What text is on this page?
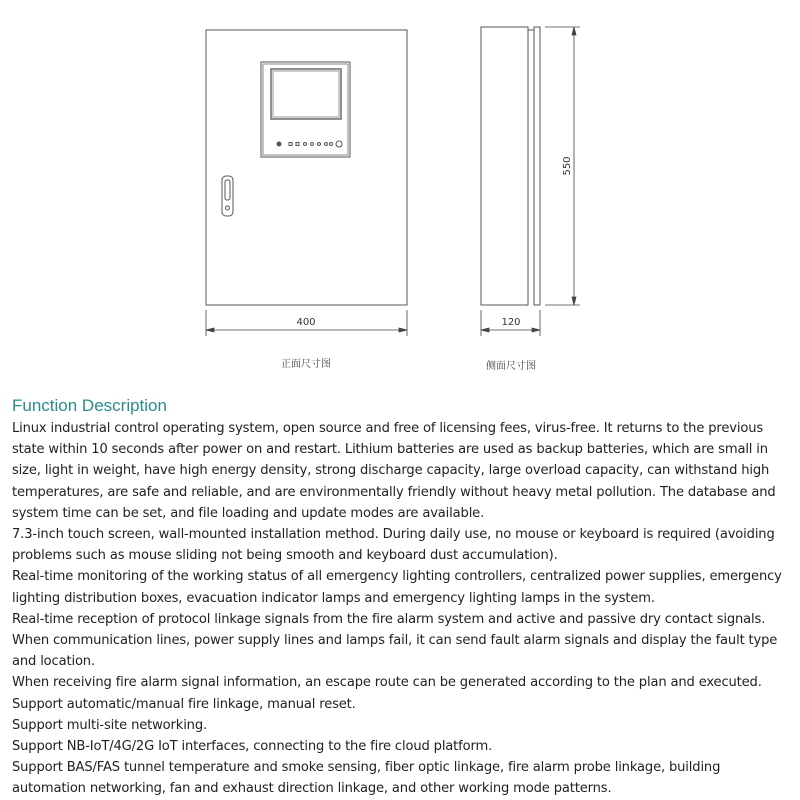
400
正面尺寸图
550
120
侧面尺寸图
Function Description

Linux industrial control operating system, open source and free of licensing fees, virus-free. It returns to the previous state within 10 seconds after power on and restart. Lithium batteries are used as backup batteries, which are small in size, light in weight, have high energy density, strong discharge capacity, large overload capacity, can withstand high temperatures, are safe and reliable, and are environmentally friendly without heavy metal pollution. The database and system time can be set, and file loading and update modes are available.

7.3-inch touch screen, wall-mounted installation method. During daily use, no mouse or keyboard is required (avoiding problems such as mouse sliding not being smooth and keyboard dust accumulation).

Real-time monitoring of the working status of all emergency lighting controllers, centralized power supplies, emergency lighting distribution boxes, evacuation indicator lamps and emergency lighting lamps in the system.

Real-time reception of protocol linkage signals from the fire alarm system and active and passive dry contact signals.

When communication lines, power supply lines and lamps fail, it can send fault alarm signals and display the fault type and location.

When receiving fire alarm signal information, an escape route can be generated according to the plan and executed.

Support automatic/manual fire linkage, manual reset.

Support multi-site networking.

Support NB-IoT/4G/2G IoT interfaces, connecting to the fire cloud platform.

Support BAS/FAS tunnel temperature and smoke sensing, fiber optic linkage, fire alarm probe linkage, building automation networking, fan and exhaust direction linkage, and other working mode patterns.
